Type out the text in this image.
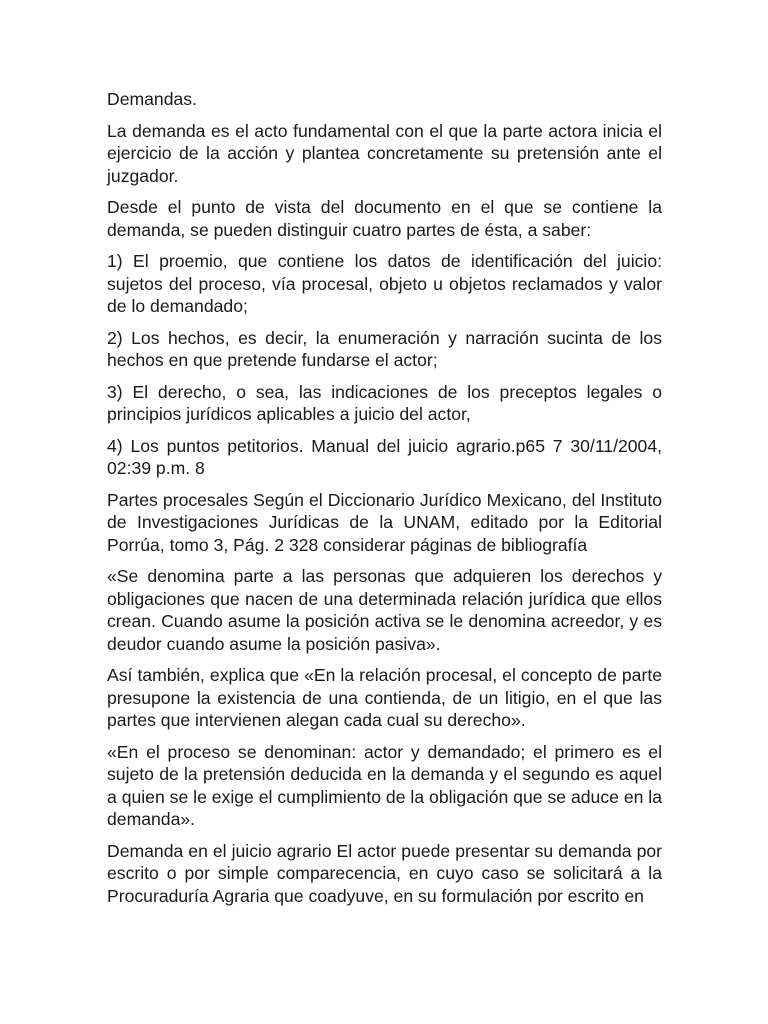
Demandas.

La demanda es el acto fundamental con el que la parte actora inicia el ejercicio de la acción y plantea concretamente su pretensión ante el juzgador.

Desde el punto de vista del documento en el que se contiene la demanda, se pueden distinguir cuatro partes de ésta, a saber:

1) El proemio, que contiene los datos de identificación del juicio: sujetos del proceso, vía procesal, objeto u objetos reclamados y valor de lo demandado;

2) Los hechos, es decir, la enumeración y narración sucinta de los hechos en que pretende fundarse el actor;

3) El derecho, o sea, las indicaciones de los preceptos legales o principios jurídicos aplicables a juicio del actor,

4) Los puntos petitorios. Manual del juicio agrario.p65 7 30/11/2004, 02:39 p.m. 8

Partes procesales Según el Diccionario Jurídico Mexicano, del Instituto de Investigaciones Jurídicas de la UNAM, editado por la Editorial Porrúa, tomo 3, Pág. 2 328 considerar páginas de bibliografía

«Se denomina parte a las personas que adquieren los derechos y obligaciones que nacen de una determinada relación jurídica que ellos crean. Cuando asume la posición activa se le denomina acreedor, y es deudor cuando asume la posición pasiva».

Así también, explica que «En la relación procesal, el concepto de parte presupone la existencia de una contienda, de un litigio, en el que las partes que intervienen alegan cada cual su derecho».

«En el proceso se denominan: actor y demandado; el primero es el sujeto de la pretensión deducida en la demanda y el segundo es aquel a quien se le exige el cumplimiento de la obligación que se aduce en la demanda».

Demanda en el juicio agrario El actor puede presentar su demanda por escrito o por simple comparecencia, en cuyo caso se solicitará a la Procuraduría Agraria que coadyuve, en su formulación por escrito en
